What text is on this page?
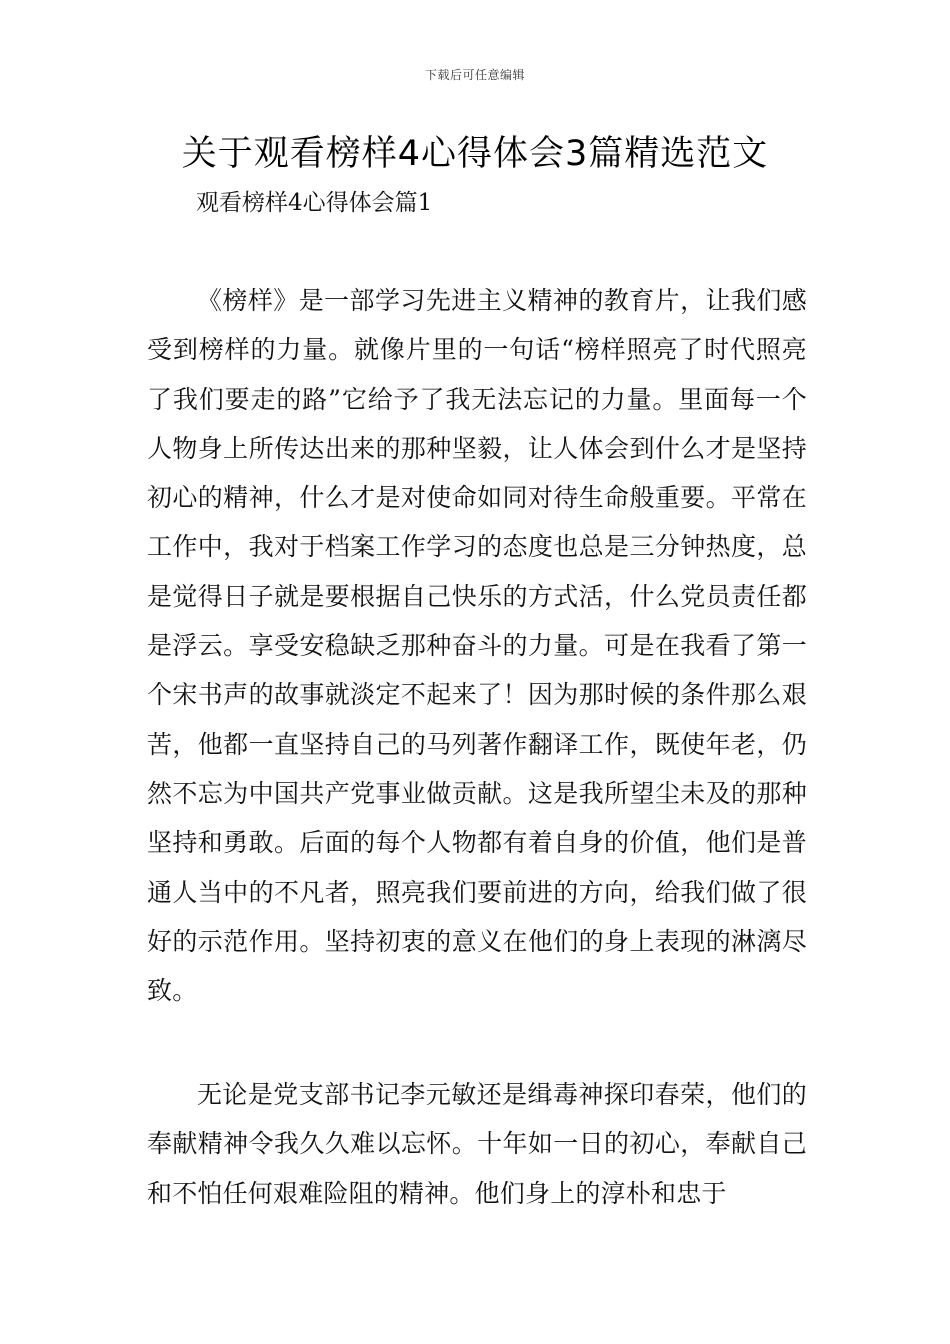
下载后可任意编辑
关于观看榜样4心得体会3篇精选范文
观看榜样4心得体会篇1

《榜样》是一部学习先进主义精神的教育片，让我们感受到榜样的力量。就像片里的一句话“榜样照亮了时代照亮了我们要走的路”它给予了我无法忘记的力量。里面每一个人物身上所传达出来的那种坚毅，让人体会到什么才是坚持初心的精神，什么才是对使命如同对待生命般重要。平常在工作中，我对于档案工作学习的态度也总是三分钟热度，总是觉得日子就是要根据自己快乐的方式活，什么党员责任都是浮云。享受安稳缺乏那种奋斗的力量。可是在我看了第一个宋书声的故事就淡定不起来了！因为那时候的条件那么艰苦，他都一直坚持自己的马列著作翻译工作，既使年老，仍然不忘为中国共产党事业做贡献。这是我所望尘未及的那种坚持和勇敢。后面的每个人物都有着自身的价值，他们是普通人当中的不凡者，照亮我们要前进的方向，给我们做了很好的示范作用。坚持初衷的意义在他们的身上表现的淋漓尽致。

无论是党支部书记李元敏还是缉毒神探印春荣，他们的奉献精神令我久久难以忘怀。十年如一日的初心，奉献自己和不怕任何艰难险阻的精神。他们身上的淳朴和忠于
